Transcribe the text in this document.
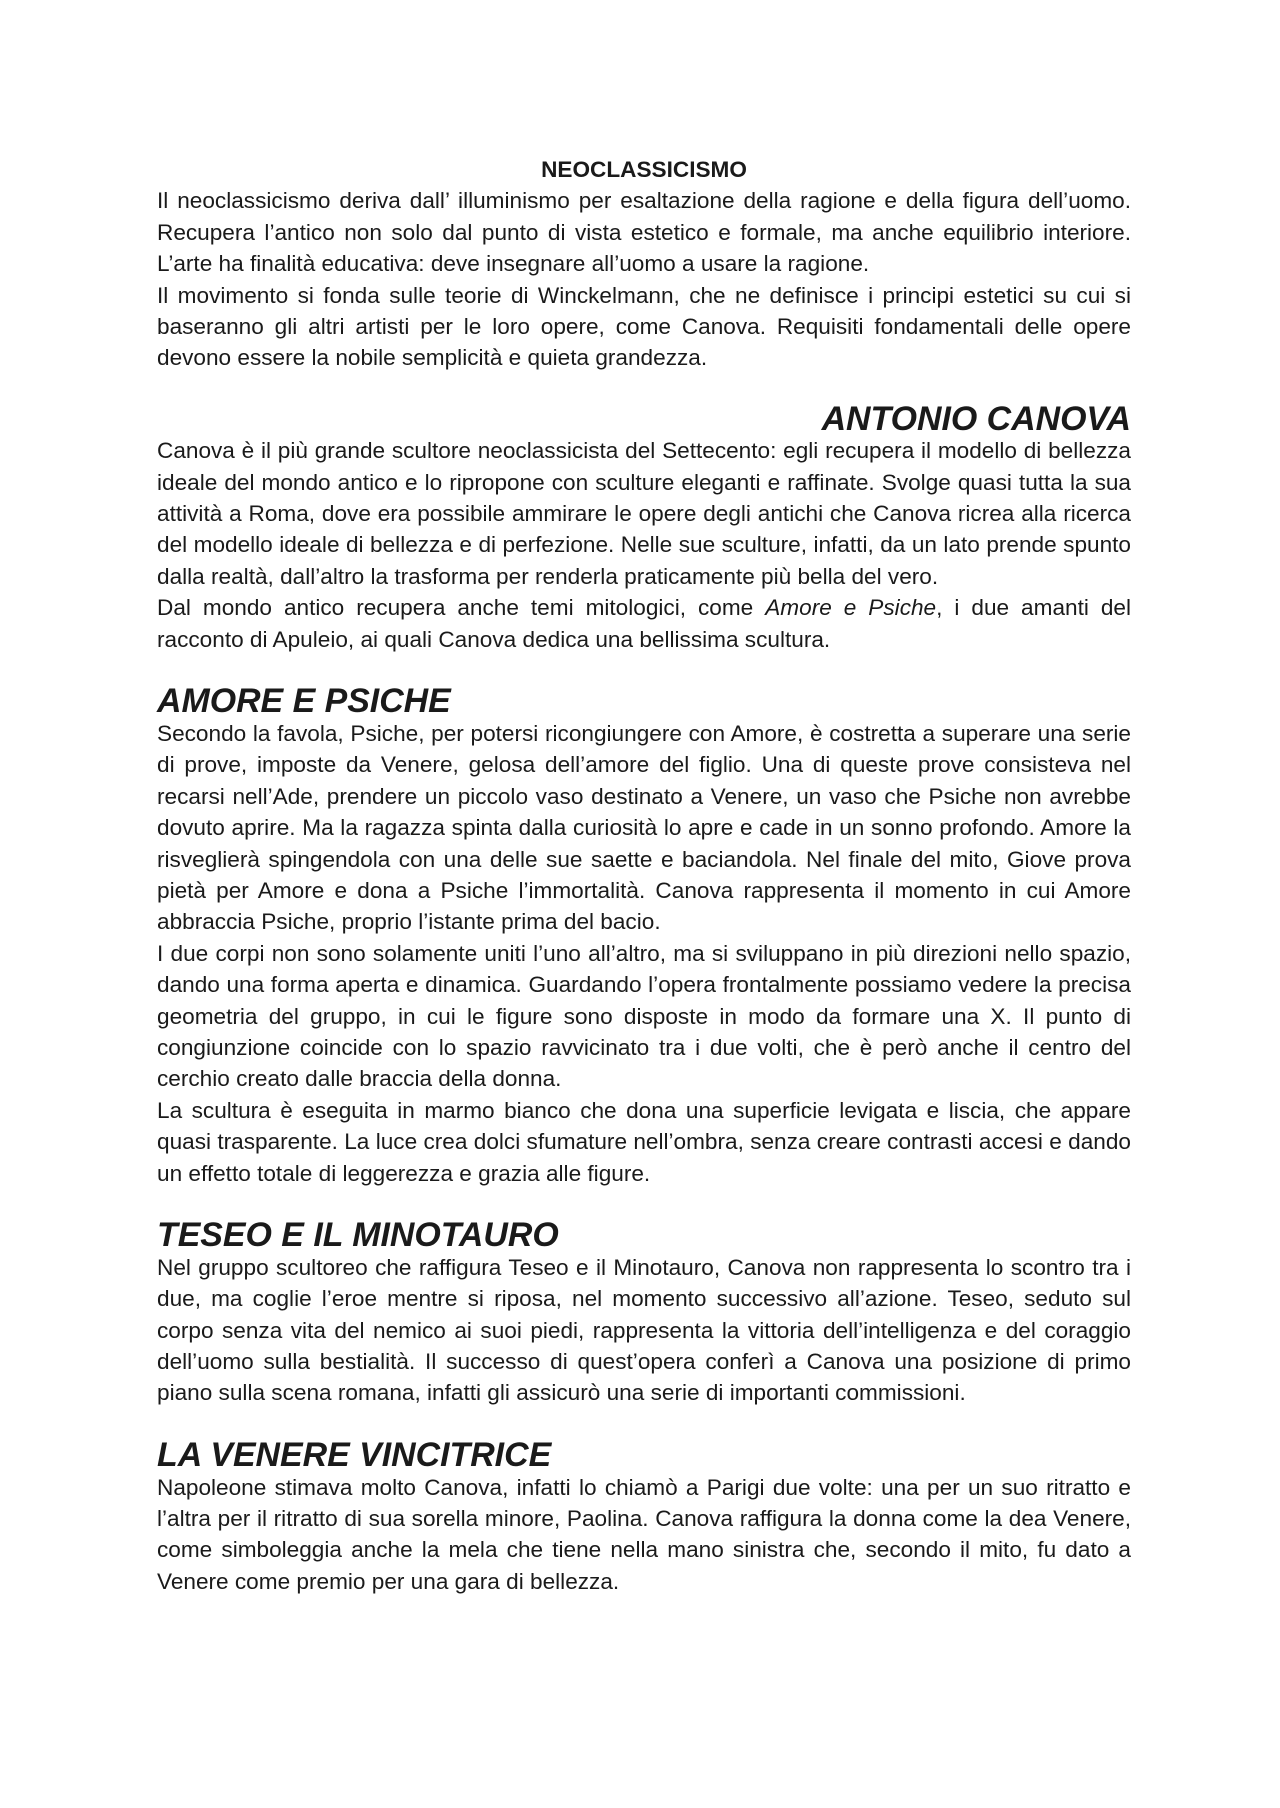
NEOCLASSICISMO

Il neoclassicismo deriva dall’ illuminismo per esaltazione della ragione e della figura dell’uomo. Recupera l’antico non solo dal punto di vista estetico e formale, ma anche equilibrio interiore. L’arte ha finalità educativa: deve insegnare all’uomo a usare la ragione.

Il movimento si fonda sulle teorie di Winckelmann, che ne definisce i principi estetici su cui si baseranno gli altri artisti per le loro opere, come Canova. Requisiti fondamentali delle opere devono essere la nobile semplicità e quieta grandezza.

ANTONIO CANOVA

Canova è il più grande scultore neoclassicista del Settecento: egli recupera il modello di bellezza ideale del mondo antico e lo ripropone con sculture eleganti e raffinate. Svolge quasi tutta la sua attività a Roma, dove era possibile ammirare le opere degli antichi che Canova ricrea alla ricerca del modello ideale di bellezza e di perfezione. Nelle sue sculture, infatti, da un lato prende spunto dalla realtà, dall’altro la trasforma per renderla praticamente più bella del vero.

Dal mondo antico recupera anche temi mitologici, come Amore e Psiche, i due amanti del racconto di Apuleio, ai quali Canova dedica una bellissima scultura.

AMORE E PSICHE

Secondo la favola, Psiche, per potersi ricongiungere con Amore, è costretta a superare una serie di prove, imposte da Venere, gelosa dell’amore del figlio. Una di queste prove consisteva nel recarsi nell’Ade, prendere un piccolo vaso destinato a Venere, un vaso che Psiche non avrebbe dovuto aprire. Ma la ragazza spinta dalla curiosità lo apre e cade in un sonno profondo. Amore la risveglierà spingendola con una delle sue saette e baciandola. Nel finale del mito, Giove prova pietà per Amore e dona a Psiche l’immortalità. Canova rappresenta il momento in cui Amore abbraccia Psiche, proprio l’istante prima del bacio.

I due corpi non sono solamente uniti l’uno all’altro, ma si sviluppano in più direzioni nello spazio, dando una forma aperta e dinamica. Guardando l’opera frontalmente possiamo vedere la precisa geometria del gruppo, in cui le figure sono disposte in modo da formare una X. Il punto di congiunzione coincide con lo spazio ravvicinato tra i due volti, che è però anche il centro del cerchio creato dalle braccia della donna.

La scultura è eseguita in marmo bianco che dona una superficie levigata e liscia, che appare quasi trasparente. La luce crea dolci sfumature nell’ombra, senza creare contrasti accesi e dando un effetto totale di leggerezza e grazia alle figure.

TESEO E IL MINOTAURO

Nel gruppo scultoreo che raffigura Teseo e il Minotauro, Canova non rappresenta lo scontro tra i due, ma coglie l’eroe mentre si riposa, nel momento successivo all’azione. Teseo, seduto sul corpo senza vita del nemico ai suoi piedi, rappresenta la vittoria dell’intelligenza e del coraggio dell’uomo sulla bestialità. Il successo di quest’opera conferì a Canova una posizione di primo piano sulla scena romana, infatti gli assicurò una serie di importanti commissioni.

LA VENERE VINCITRICE

Napoleone stimava molto Canova, infatti lo chiamò a Parigi due volte: una per un suo ritratto e l’altra per il ritratto di sua sorella minore, Paolina. Canova raffigura la donna come la dea Venere, come simboleggia anche la mela che tiene nella mano sinistra che, secondo il mito, fu dato a Venere come premio per una gara di bellezza.
